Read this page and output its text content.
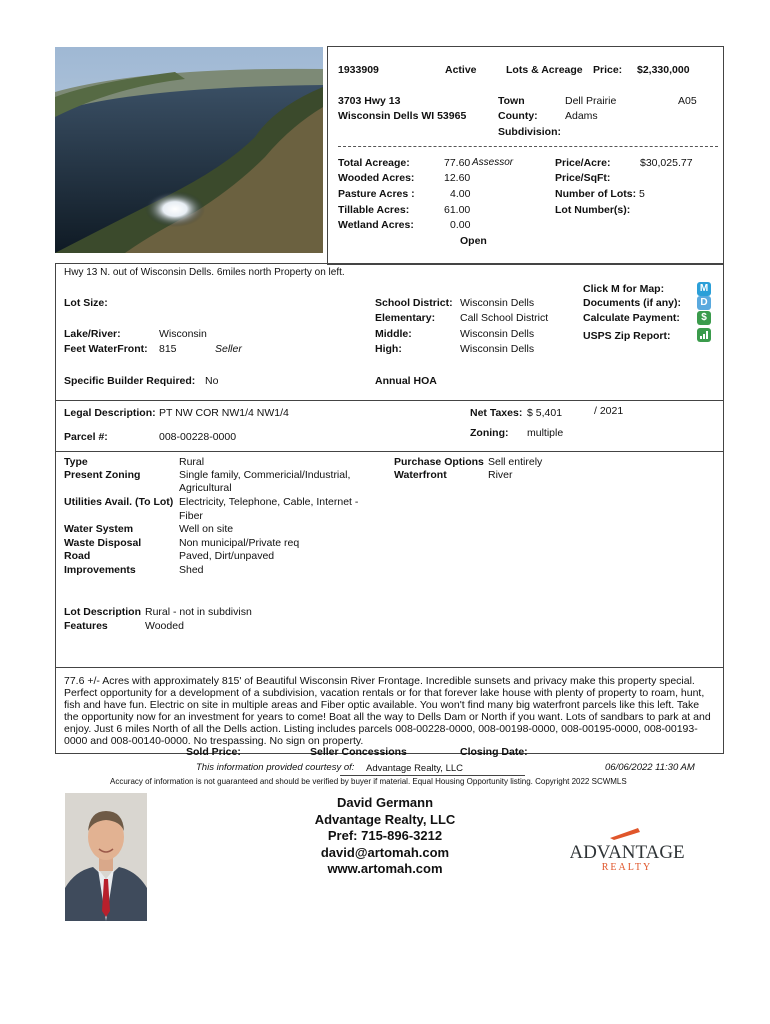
1933909	Active	Lots & Acreage Price: $2,330,000
3703 Hwy 13
Wisconsin Dells WI 53965
Town	Dell Prairie	A05
County:	Adams
Subdivision:
Total Acreage:	77.60 Assessor
Wooded Acres:	12.60
Pasture Acres :	4.00
Tillable Acres:	61.00
Wetland Acres:	0.00
Open
Price/Acre:	$30,025.77
Price/SqFt:
Number of Lots: 5
Lot Number(s):
Hwy 13 N. out of Wisconsin Dells. 6miles north Property on left.
Lot Size:
Lake/River:	Wisconsin
Feet WaterFront: 815	Seller
Specific Builder Required: No
School District: Wisconsin Dells
Elementary: Call School District
Middle:	Wisconsin Dells
High:	Wisconsin Dells
Annual HOA
Click M for Map:
Documents (if any):
Calculate Payment:
USPS Zip Report:
M
D
$
Legal Description: PT NW COR NW1/4 NW1/4
Parcel #:	008-00228-0000
Net Taxes: $ 5,401	/ 2021
Zoning: multiple
Type	Rural
Present Zoning	Single family, Commericial/Industrial,
Agricultural
Utilities Avail. (To Lot) Electricity, Telephone, Cable, Internet -
Fiber
Water System	Well on site
Waste Disposal	Non municipal/Private req
Road	Paved, Dirt/unpaved
Improvements	Shed
Purchase Options Sell entirely
Waterfront	River
Lot Description Rural - not in subdivisn
Features	Wooded
77.6 +/- Acres with approximately 815' of Beautiful Wisconsin River Frontage. Incredible sunsets and privacy make this property special. Perfect opportunity for a development of a subdivision, vacation rentals or for that forever lake house with plenty of property to roam, hunt, fish and have fun. Electric on site in multiple areas and Fiber optic available. You won't find many big waterfront parcels like this left. Take the opportunity now for an investment for years to come! Boat all the way to Dells Dam or North if you want. Lots of sandbars to park at and enjoy. Just 6 miles North of all the Dells action. Listing includes parcels 008-00228-0000, 008-00198-0000, 008-00195-0000, 008-00193-0000 and 008-00140-0000. No trespassing. No sign on property.
Sold Price:	Seller Concessions	Closing Date:
This information provided courtesy of: Advantage Realty, LLC	06/06/2022 11:30 AM
Accuracy of information is not guaranteed and should be verified by buyer if material. Equal Housing Opportunity listing. Copyright 2022 SCWMLS
David Germann
Advantage Realty, LLC
Pref: 715-896-3212
david@artomah.com
www.artomah.com
ADVANTAGE
REALTY
